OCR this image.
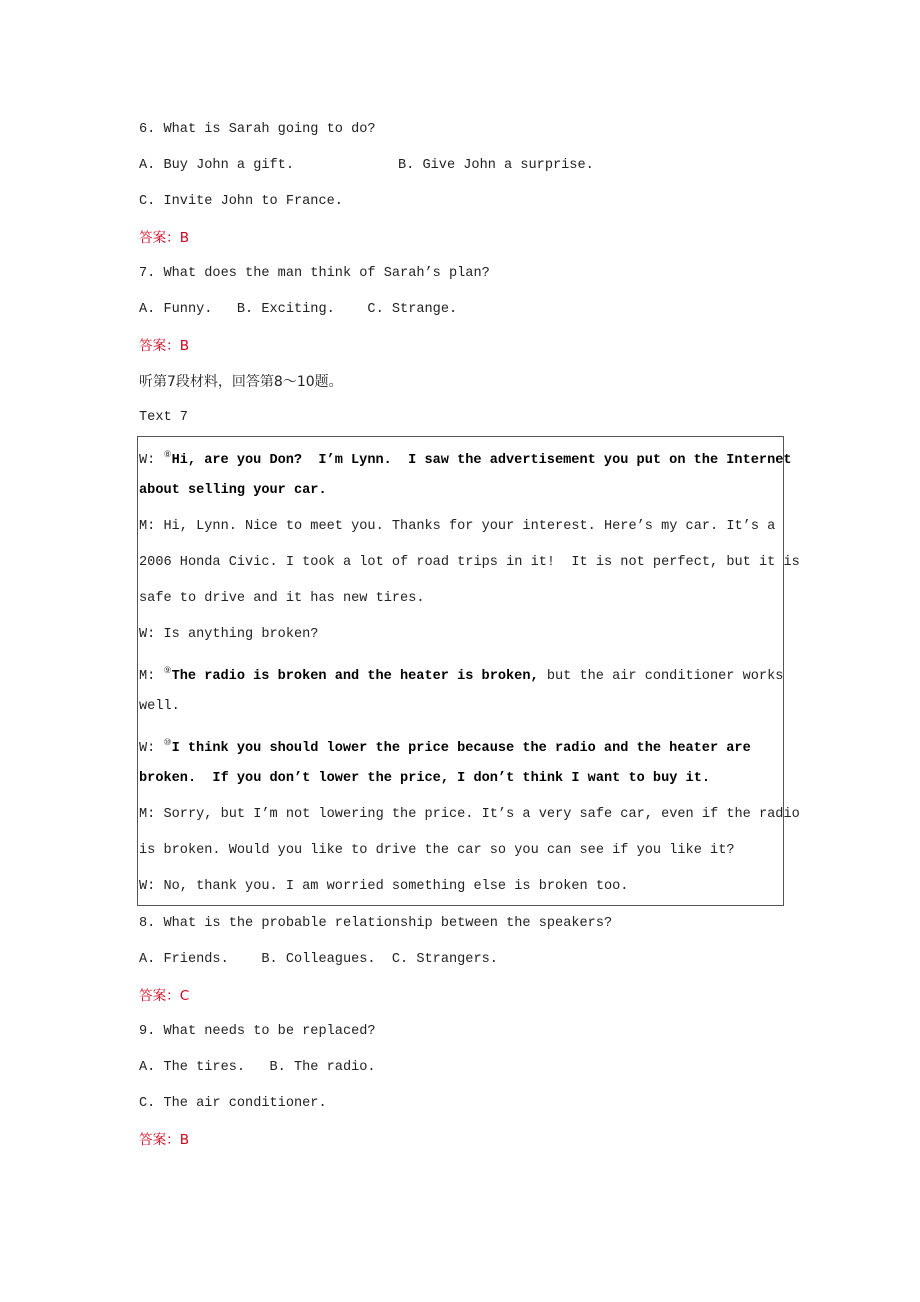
6. What is Sarah going to do?
A. Buy John a gift.	B. Give John a surprise.
C. Invite John to France.
答案：B
7. What does the man think of Sarah’s plan?
A. Funny.   B. Exciting.    C. Strange.
答案：B
听第7段材料，回答第8～10题。
Text 7
W: ⑧Hi, are you Don?  I’m Lynn.  I saw the advertisement you put on the Internet
about selling your car.
M: Hi, Lynn. Nice to meet you. Thanks for your interest. Here’s my car. It’s a
2006 Honda Civic. I took a lot of road trips in it!  It is not perfect, but it is
safe to drive and it has new tires.
W: Is anything broken?
M: ⑨The radio is broken and the heater is broken, but the air conditioner works
well.
W: ⑩I think you should lower the price because the radio and the heater are
broken.  If you don’t lower the price, I don’t think I want to buy it.
M: Sorry, but I’m not lowering the price. It’s a very safe car, even if the radio
is broken. Would you like to drive the car so you can see if you like it?
W: No, thank you. I am worried something else is broken too.
8. What is the probable relationship between the speakers?
A. Friends.    B. Colleagues.  C. Strangers.
答案：C
9. What needs to be replaced?
A. The tires.   B. The radio.
C. The air conditioner.
答案：B
